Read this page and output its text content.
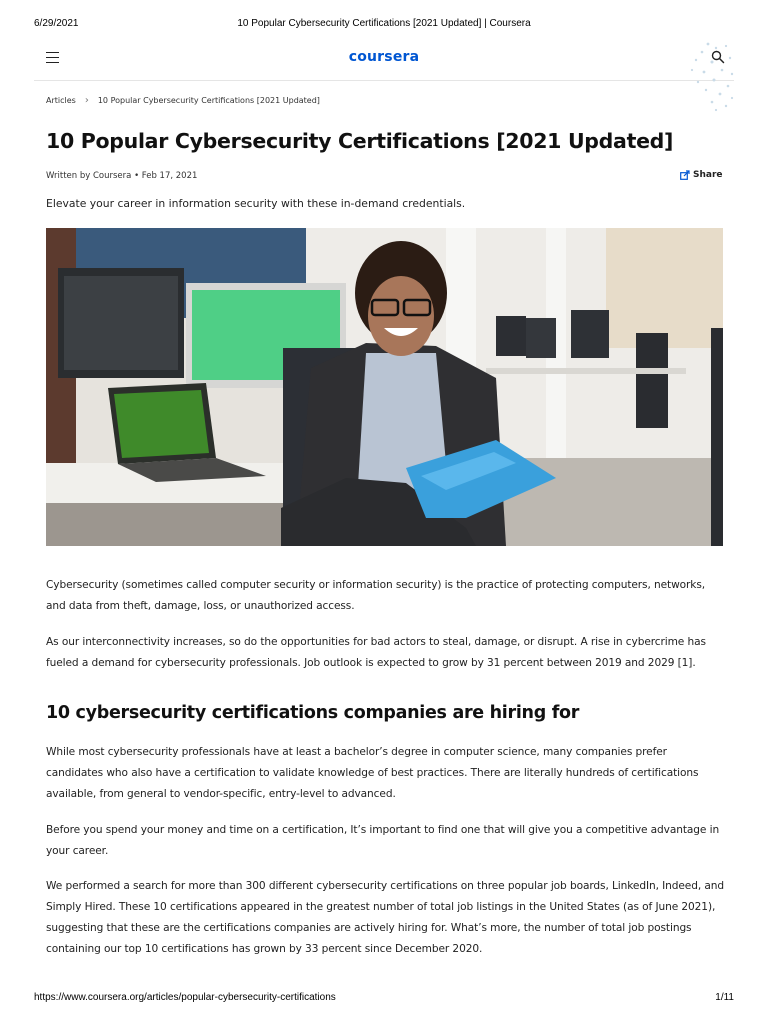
6/29/2021	10 Popular Cybersecurity Certifications [2021 Updated] | Coursera
coursera
Articles › 10 Popular Cybersecurity Certifications [2021 Updated]
10 Popular Cybersecurity Certifications [2021 Updated]
Written by Coursera • Feb 17, 2021	Share
Elevate your career in information security with these in-demand credentials.

Cybersecurity (sometimes called computer security or information security) is the practice of protecting computers, networks, and data from theft, damage, loss, or unauthorized access.

As our interconnectivity increases, so do the opportunities for bad actors to steal, damage, or disrupt. A rise in cybercrime has fueled a demand for cybersecurity professionals. Job outlook is expected to grow by 31 percent between 2019 and 2029 [1].

10 cybersecurity certifications companies are hiring for

While most cybersecurity professionals have at least a bachelor’s degree in computer science, many companies prefer candidates who also have a certification to validate knowledge of best practices. There are literally hundreds of certifications available, from general to vendor-specific, entry-level to advanced.

Before you spend your money and time on a certification, It’s important to find one that will give you a competitive advantage in your career.

We performed a search for more than 300 different cybersecurity certifications on three popular job boards, LinkedIn, Indeed, and Simply Hired. These 10 certifications appeared in the greatest number of total job listings in the United States (as of June 2021), suggesting that these are the certifications companies are actively hiring for. What’s more, the number of total job postings containing our top 10 certifications has grown by 33 percent since December 2020.

https://www.coursera.org/articles/popular-cybersecurity-certifications	1/11
